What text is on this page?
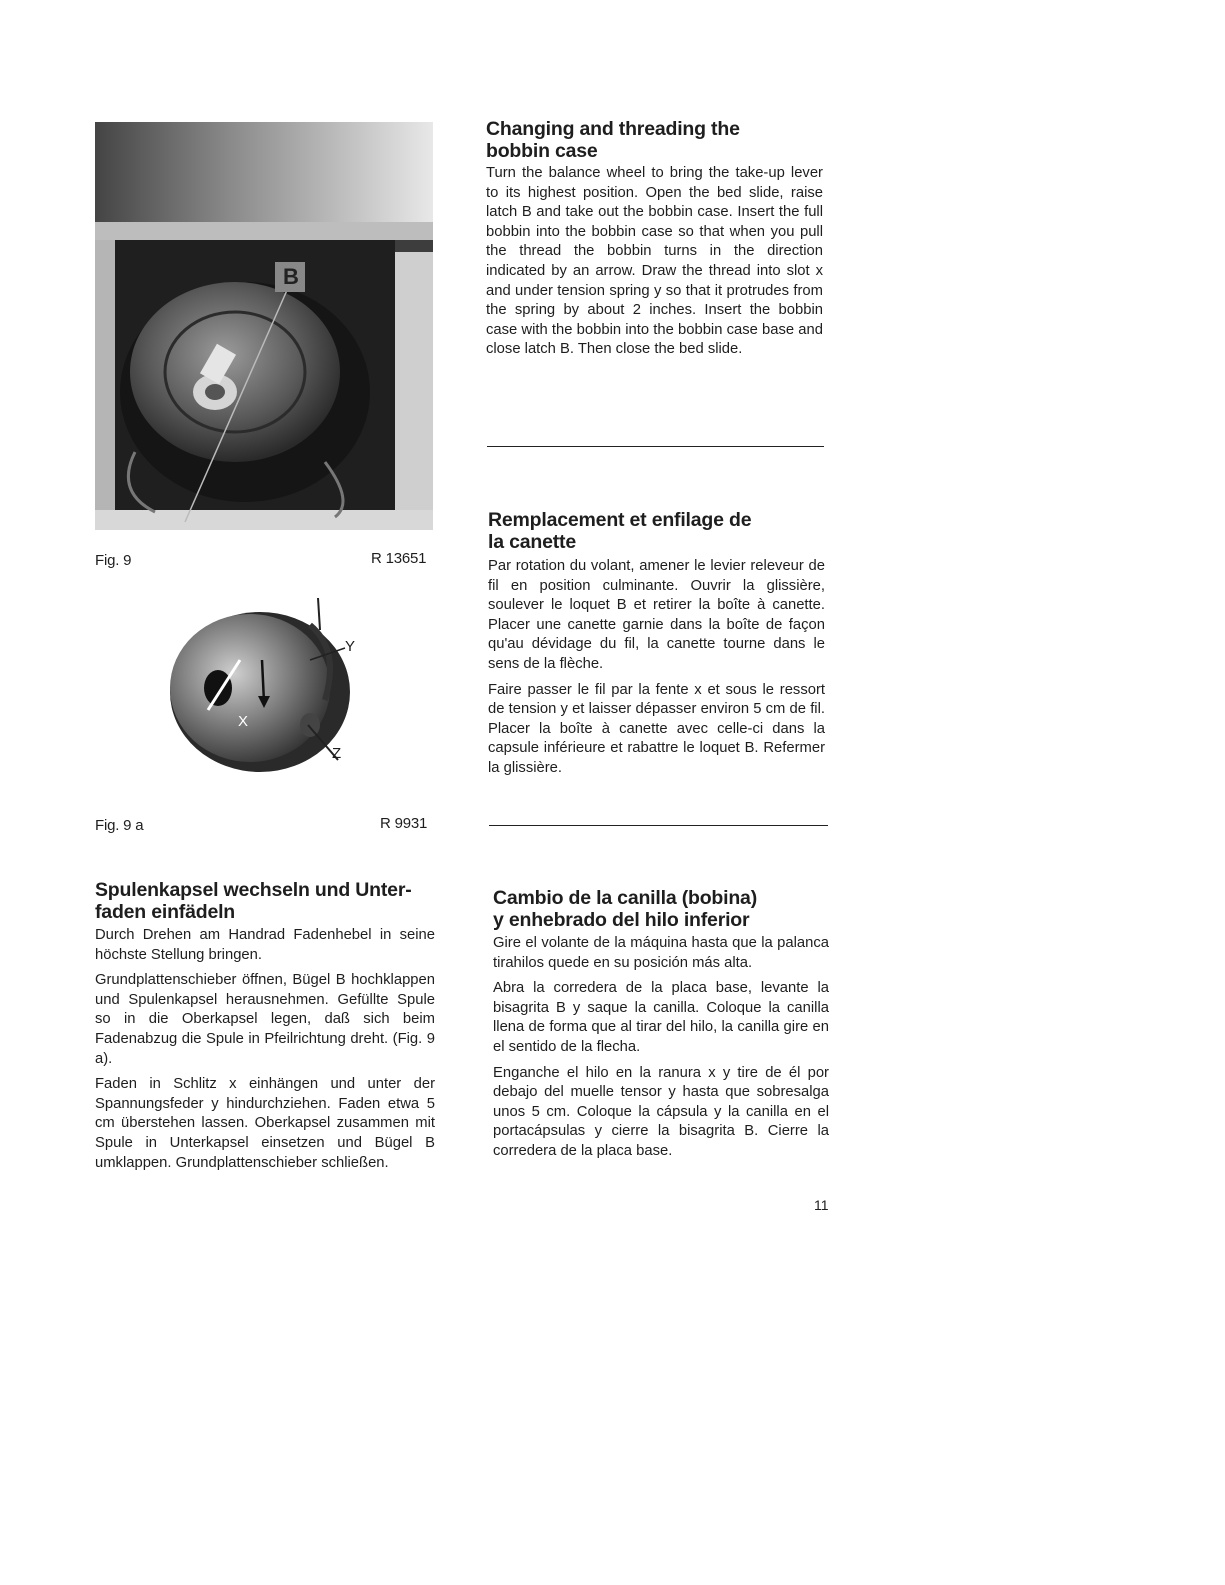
B
Fig. 9	R 13651
Y
X
Z
Fig. 9 a	R 9931
Changing and threading the
bobbin case

Turn the balance wheel to bring the take-up lever to its highest position. Open the bed slide, raise latch B and take out the bobbin case. Insert the full bobbin into the bobbin case so that when you pull the thread the bobbin turns in the direction indicated by an arrow. Draw the thread into slot x and under tension spring y so that it protrudes from the spring by about 2 inches. Insert the bobbin case with the bobbin into the bobbin case base and close latch B. Then close the bed slide.

Remplacement et enfilage de
la canette

Par rotation du volant, amener le levier releveur de fil en position culminante. Ouvrir la glissière, soulever le loquet B et retirer la boîte à canette. Placer une canette garnie dans la boîte de façon qu'au dévidage du fil, la canette tourne dans le sens de la flèche.

Faire passer le fil par la fente x et sous le ressort de tension y et laisser dépasser environ 5 cm de fil. Placer la boîte à canette avec celle-ci dans la capsule inférieure et rabattre le loquet B. Refermer la glissière.

Spulenkapsel wechseln und Unter-
faden einfädeln

Durch Drehen am Handrad Fadenhebel in seine höchste Stellung bringen.

Grundplattenschieber öffnen, Bügel B hochklappen und Spulenkapsel herausnehmen. Gefüllte Spule so in die Oberkapsel legen, daß sich beim Fadenabzug die Spule in Pfeilrichtung dreht. (Fig. 9 a).

Faden in Schlitz x einhängen und unter der Spannungsfeder y hindurchziehen. Faden etwa 5 cm überstehen lassen. Oberkapsel zusammen mit Spule in Unterkapsel einsetzen und Bügel B umklappen. Grundplattenschieber schließen.

Cambio de la canilla (bobina)
y enhebrado del hilo inferior

Gire el volante de la máquina hasta que la palanca tirahilos quede en su posición más alta.

Abra la corredera de la placa base, levante la bisagrita B y saque la canilla. Coloque la canilla llena de forma que al tirar del hilo, la canilla gire en el sentido de la flecha.

Enganche el hilo en la ranura x y tire de él por debajo del muelle tensor y hasta que sobresalga unos 5 cm. Coloque la cápsula y la canilla en el portacápsulas y cierre la bisagrita B. Cierre la corredera de la placa base.

11
